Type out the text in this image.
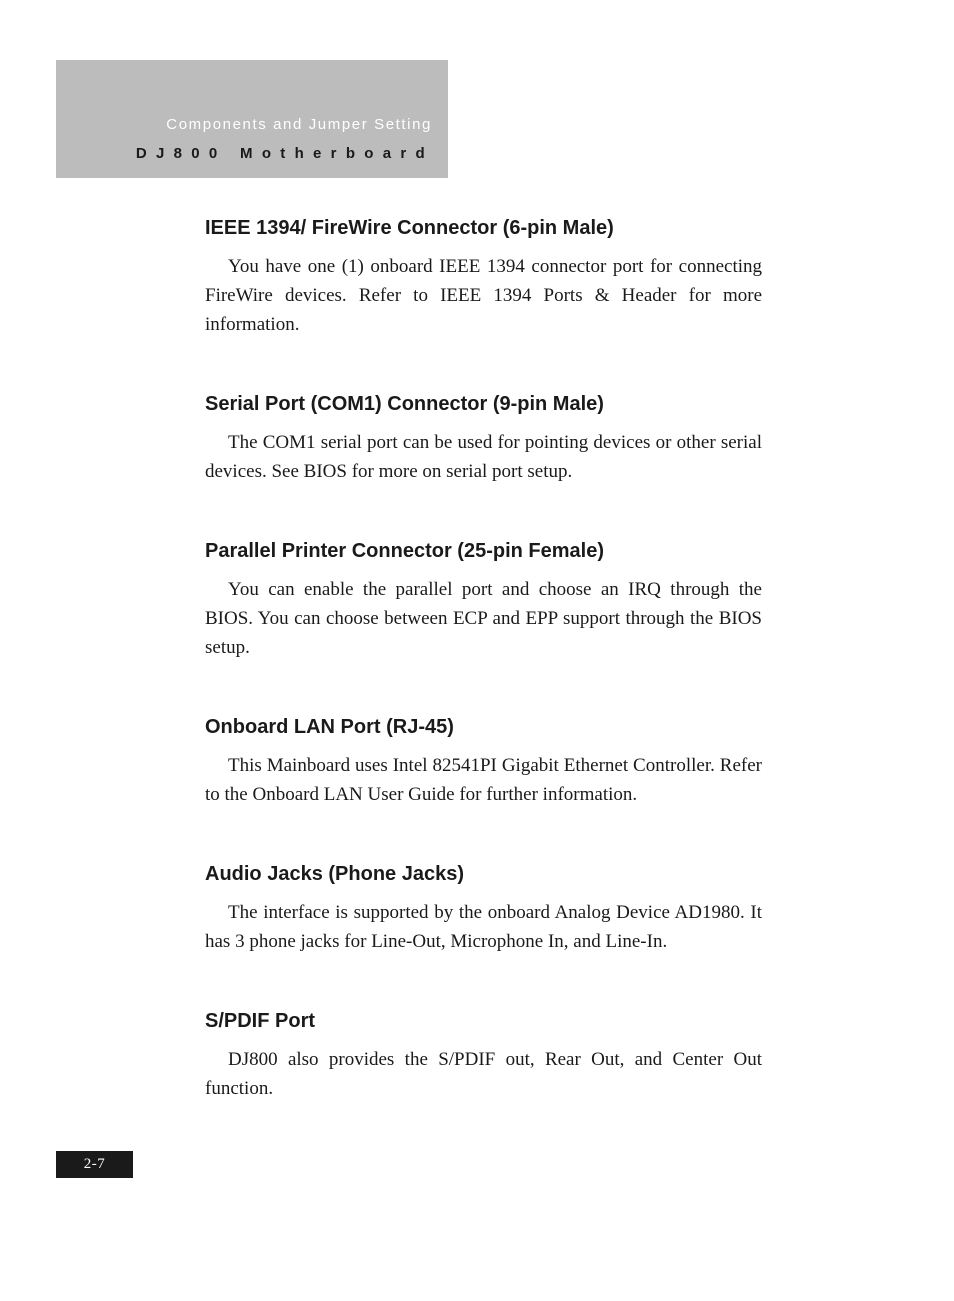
Components and Jumper Setting
DJ800 Motherboard
IEEE 1394/ FireWire Connector (6-pin Male)

You have one (1) onboard IEEE 1394 connector port for connecting FireWire devices. Refer to IEEE 1394 Ports & Header for more information.

Serial Port (COM1) Connector (9-pin Male)

The COM1 serial port can be used for pointing devices or other serial devices. See BIOS for more on serial port setup.

Parallel Printer Connector (25-pin Female)

You can enable the parallel port and choose an IRQ through the BIOS. You can choose between ECP and EPP support through the BIOS setup.

Onboard LAN Port (RJ-45)

This Mainboard uses Intel 82541PI Gigabit Ethernet Controller. Refer to the Onboard LAN User Guide for further information.

Audio Jacks (Phone Jacks)

The interface is supported by the onboard Analog Device AD1980. It has 3 phone jacks for Line-Out, Microphone In, and Line-In.

S/PDIF Port

DJ800 also provides the S/PDIF out, Rear Out, and Center Out function.

2-7
